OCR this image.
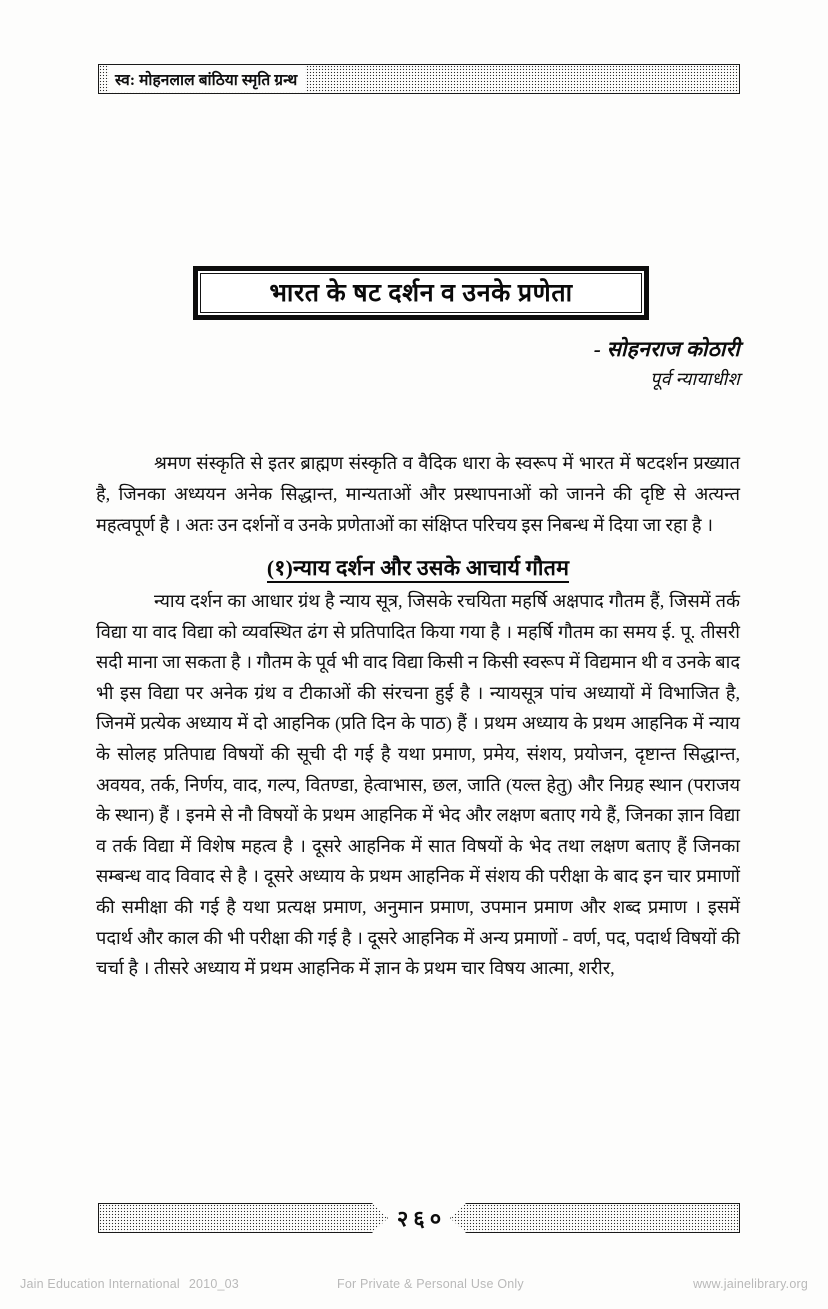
स्व: मोहनलाल बांठिया स्मृति ग्रन्थ
भारत के षट दर्शन व उनके प्रणेता
- सोहनराज कोठारी
पूर्व न्यायाधीश

श्रमण संस्कृति से इतर ब्राह्मण संस्कृति व वैदिक धारा के स्वरूप में भारत में षटदर्शन प्रख्यात है, जिनका अध्ययन अनेक सिद्धान्त, मान्यताओं और प्रस्थापनाओं को जानने की दृष्टि से अत्यन्त महत्वपूर्ण है । अतः उन दर्शनों व उनके प्रणेताओं का संक्षिप्त परिचय इस निबन्ध में दिया जा रहा है ।

(१)न्याय दर्शन और उसके आचार्य गौतम

न्याय दर्शन का आधार ग्रंथ है न्याय सूत्र, जिसके रचयिता महर्षि अक्षपाद गौतम हैं, जिसमें तर्क विद्या या वाद विद्या को व्यवस्थित ढंग से प्रतिपादित किया गया है । महर्षि गौतम का समय ई. पू. तीसरी सदी माना जा सकता है । गौतम के पूर्व भी वाद विद्या किसी न किसी स्वरूप में विद्यमान थी व उनके बाद भी इस विद्या पर अनेक ग्रंथ व टीकाओं की संरचना हुई है । न्यायसूत्र पांच अध्यायों में विभाजित है, जिनमें प्रत्येक अध्याय में दो आहनिक (प्रति दिन के पाठ) हैं । प्रथम अध्याय के प्रथम आहनिक में न्याय के सोलह प्रतिपाद्य विषयों की सूची दी गई है यथा प्रमाण, प्रमेय, संशय, प्रयोजन, दृष्टान्त सिद्धान्त, अवयव, तर्क, निर्णय, वाद, गल्प, वितण्डा, हेत्वाभास, छल, जाति (यल्त हेतु) और निग्रह स्थान (पराजय के स्थान) हैं । इनमे से नौ विषयों के प्रथम आहनिक में भेद और लक्षण बताए गये हैं, जिनका ज्ञान विद्या व तर्क विद्या में विशेष महत्व है । दूसरे आहनिक में सात विषयों के भेद तथा लक्षण बताए हैं जिनका सम्बन्ध वाद विवाद से है । दूसरे अध्याय के प्रथम आहनिक में संशय की परीक्षा के बाद इन चार प्रमाणों की समीक्षा की गई है यथा प्रत्यक्ष प्रमाण, अनुमान प्रमाण, उपमान प्रमाण और शब्द प्रमाण । इसमें पदार्थ और काल की भी परीक्षा की गई है । दूसरे आहनिक में अन्य प्रमाणों - वर्ण, पद, पदार्थ विषयों की चर्चा है । तीसरे अध्याय में प्रथम आहनिक में ज्ञान के प्रथम चार विषय आत्मा, शरीर,

२६०
Jain Education International 2010_03	For Private & Personal Use Only	www.jainelibrary.org
